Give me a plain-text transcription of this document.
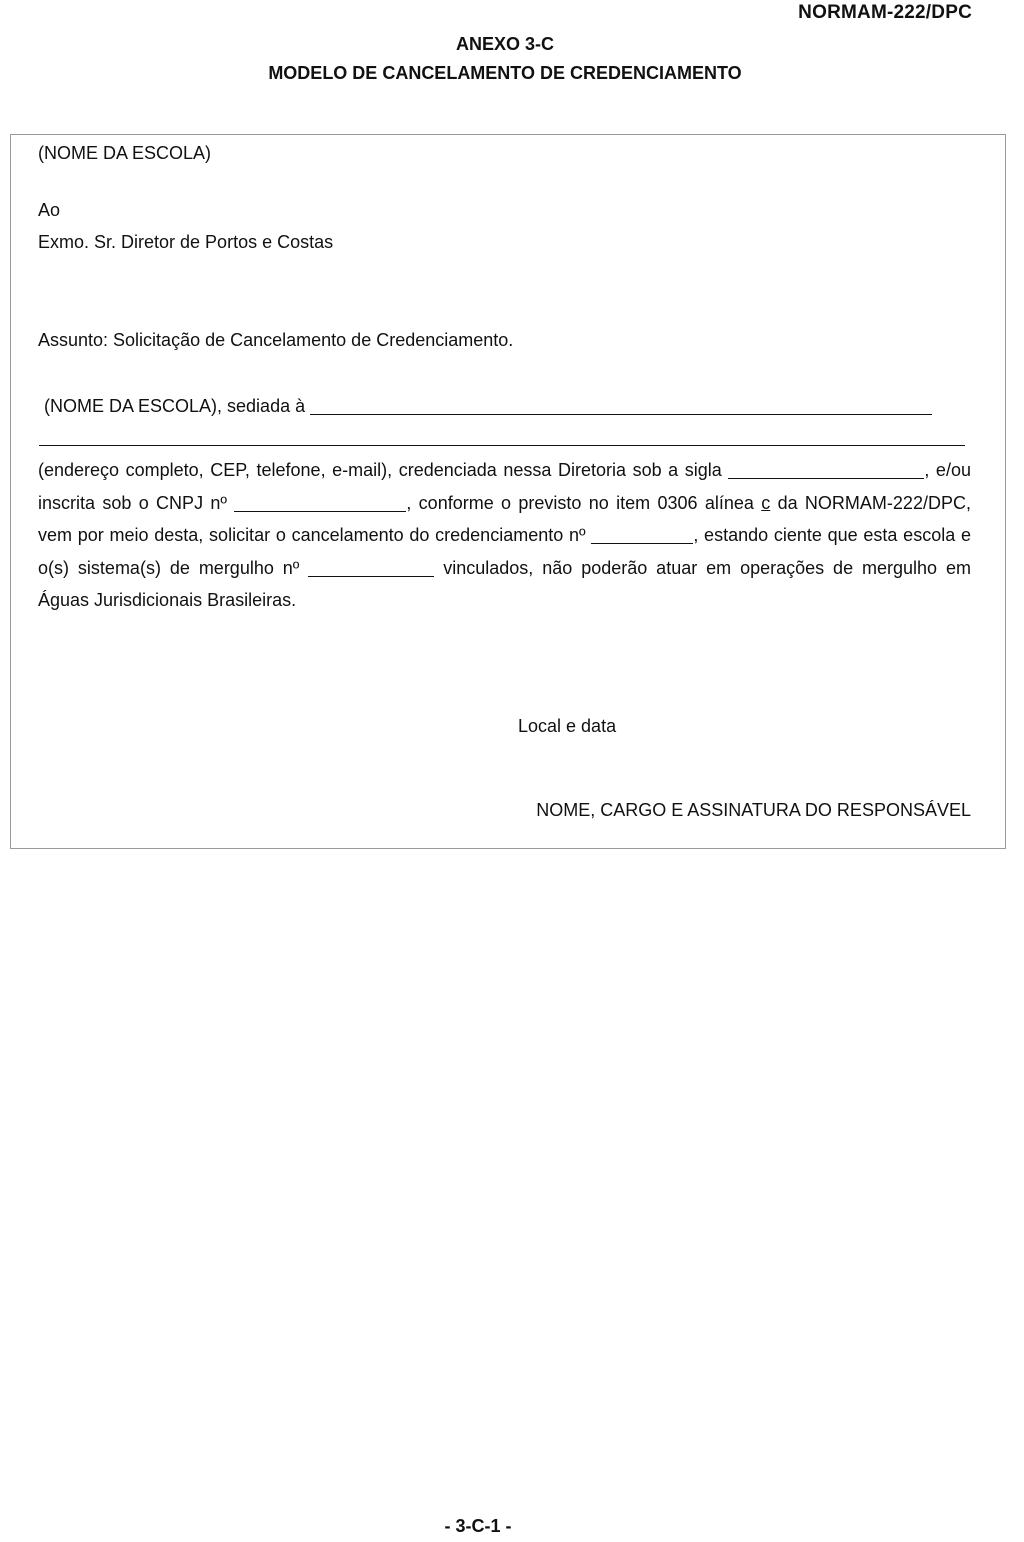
NORMAM-222/DPC
ANEXO 3-C
MODELO DE CANCELAMENTO DE CREDENCIAMENTO
(NOME DA ESCOLA)
Ao
Exmo. Sr. Diretor de Portos e Costas
Assunto: Solicitação de Cancelamento de Credenciamento.
(NOME DA ESCOLA), sediada à
(endereço completo, CEP, telefone, e-mail), credenciada nessa Diretoria sob a sigla	, e/ou inscrita sob o CNPJ nº	, conforme o previsto no item 0306 alínea c da NORMAM-222/DPC, vem por meio desta, solicitar o cancelamento do credenciamento nº	, estando ciente que esta escola e o(s) sistema(s) de mergulho nº	vinculados, não poderão atuar em operações de mergulho em Águas Jurisdicionais Brasileiras.
Local e data
NOME, CARGO E ASSINATURA DO RESPONSÁVEL
- 3-C-1 -
